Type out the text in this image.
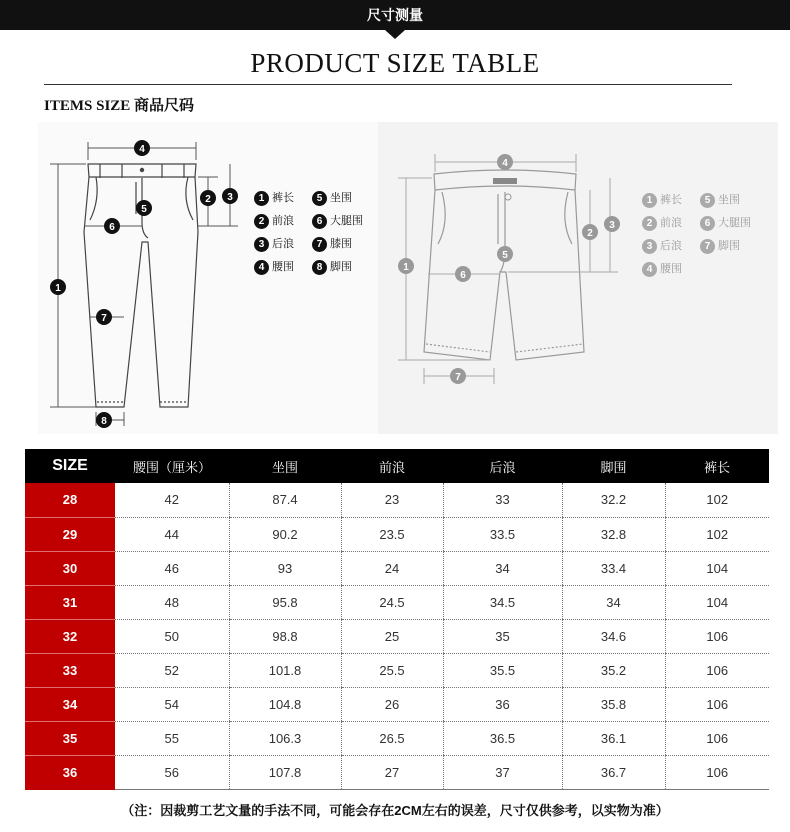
尺寸测量
PRODUCT SIZE TABLE
ITEMS SIZE 商品尺码
4
2 3
5
6
1
7
8
4
2
3
1
5
6
7
1 裤长
2 前浪
3 后浪
4 腰围
5 坐围
6 大腿围
7 膝围
8 脚围
1 裤长
2 前浪
3 后浪
4 腰围
5 坐围
6 大腿围
7 脚围
SIZE	腰围（厘米）	坐围	前浪	后浪	脚围	裤长
28	42	87.4	23	33	32.2	102
29	44	90.2	23.5	33.5	32.8	102
30	46	93	24	34	33.4	104
31	48	95.8	24.5	34.5	34	104
32	50	98.8	25	35	34.6	106
33	52	101.8	25.5	35.5	35.2	106
34	54	104.8	26	36	35.8	106
35	55	106.3	26.5	36.5	36.1	106
36	56	107.8	27	37	36.7	106
（注：因裁剪工艺文量的手法不同，可能会存在2CM左右的误差，尺寸仅供参考，以实物为准）
